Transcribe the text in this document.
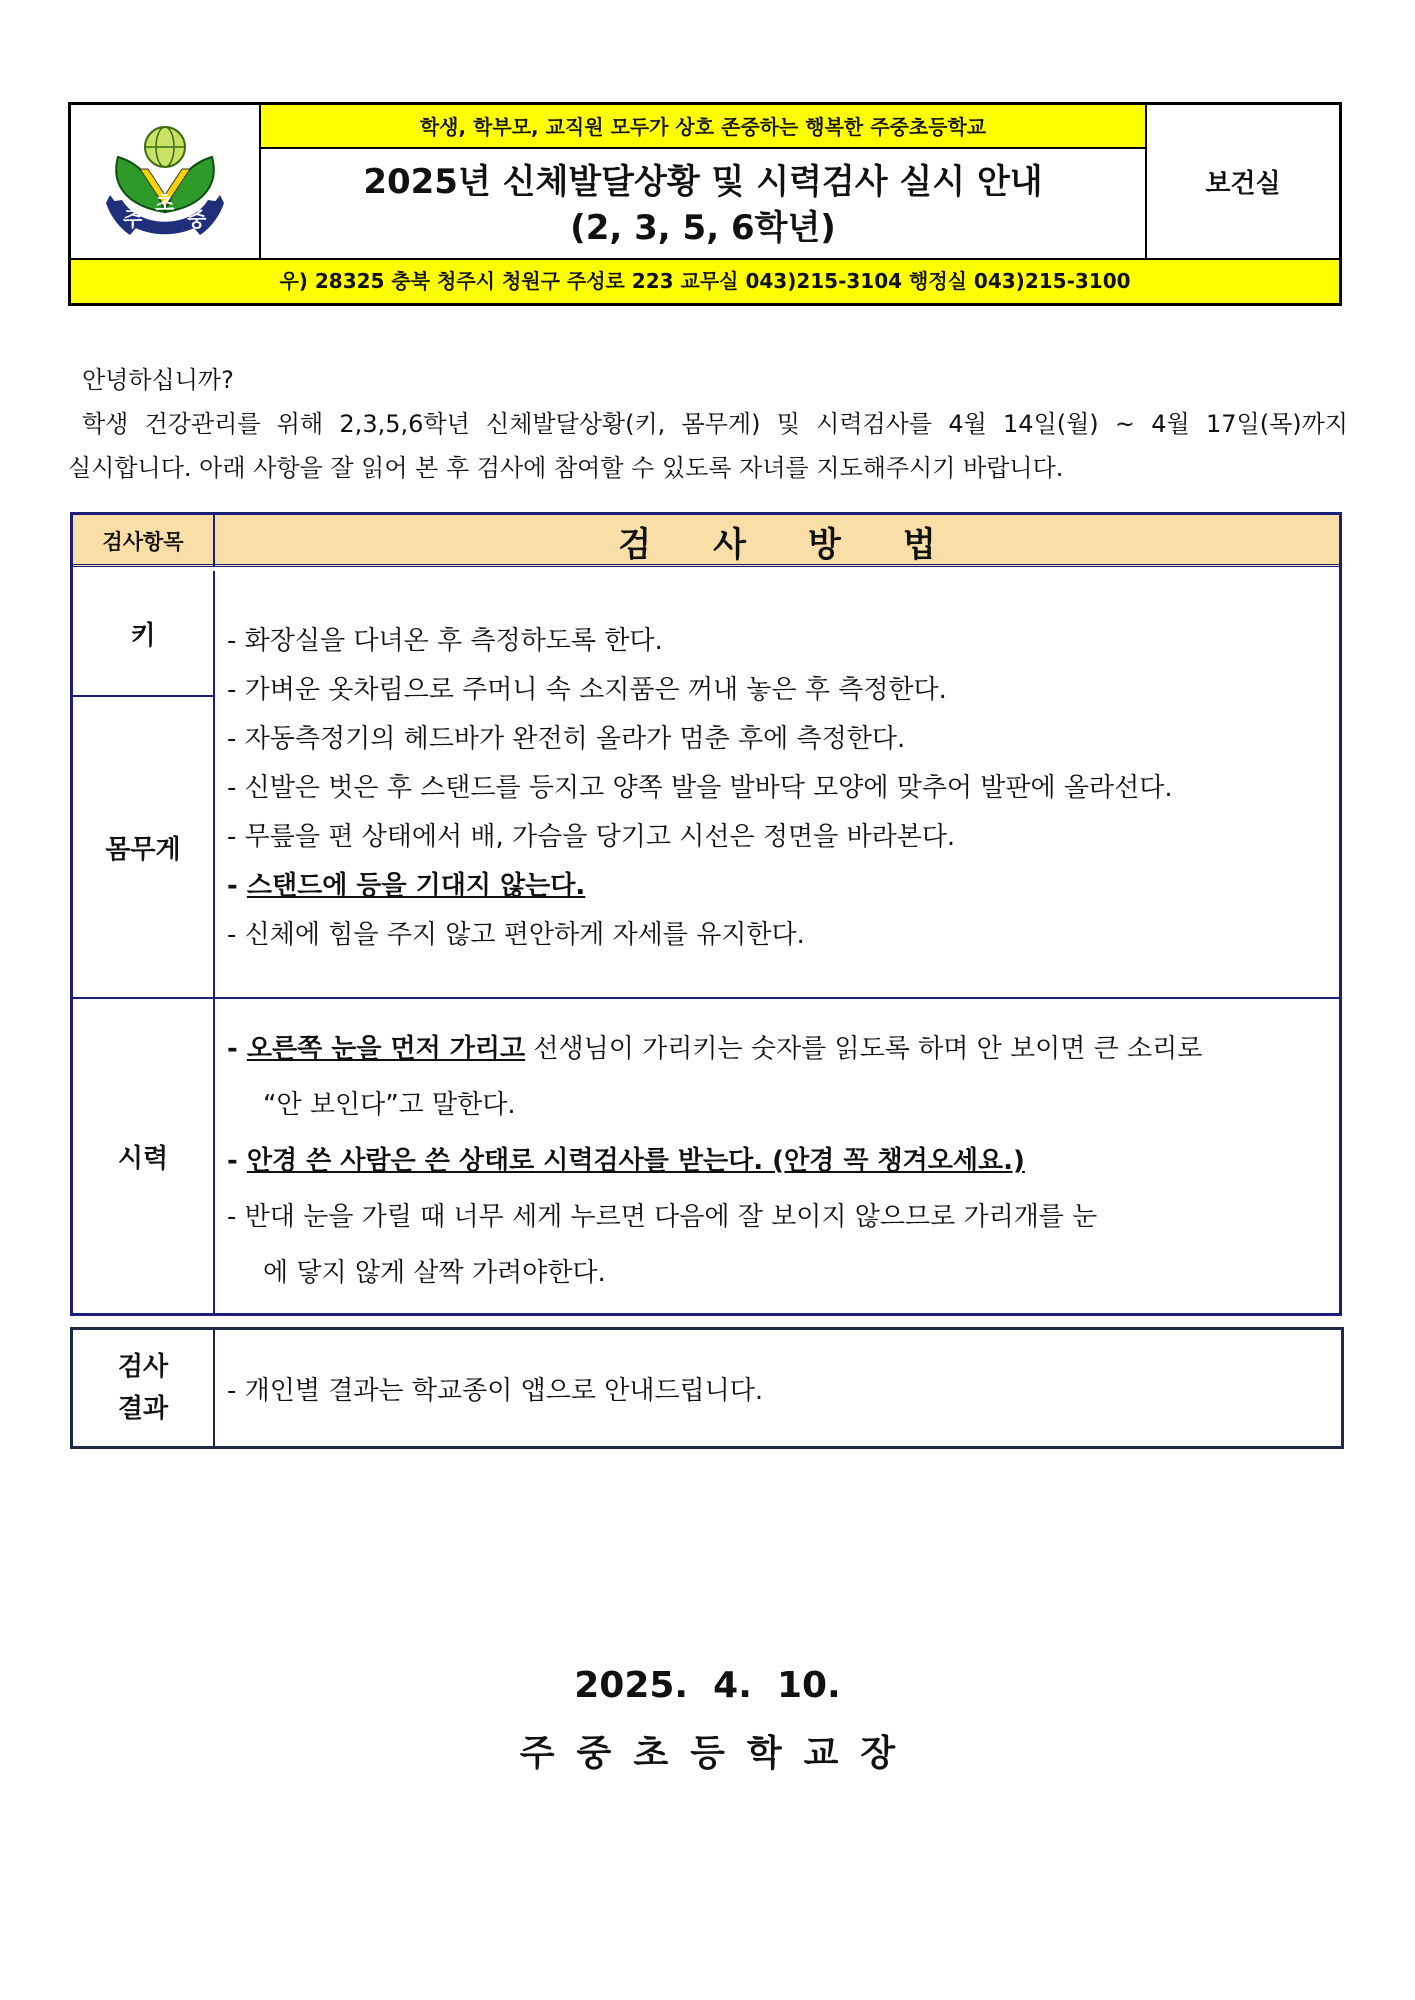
주
초
중
학생, 학부모, 교직원 모두가 상호 존중하는 행복한 주중초등학교
2025년 신체발달상황 및 시력검사 실시 안내
(2, 3, 5, 6학년)
보건실
우) 28325 충북 청주시 청원구 주성로 223 교무실 043)215-3104 행정실 043)215-3100

안녕하십니까?

학생 건강관리를 위해 2,3,5,6학년 신체발달상황(키, 몸무게) 및 시력검사를 4월 14일(월) ~ 4월 17일(목)까지

실시합니다. 아래 사항을 잘 읽어 본 후 검사에 참여할 수 있도록 자녀를 지도해주시기 바랍니다.

검사항목	검사방법
키
몸무게
시력
- 화장실을 다녀온 후 측정하도록 한다.
- 가벼운 옷차림으로 주머니 속 소지품은 꺼내 놓은 후 측정한다.
- 자동측정기의 헤드바가 완전히 올라가 멈춘 후에 측정한다.
- 신발은 벗은 후 스탠드를 등지고 양쪽 발을 발바닥 모양에 맞추어 발판에 올라선다.
- 무릎을 편 상태에서 배, 가슴을 당기고 시선은 정면을 바라본다.
- 스탠드에 등을 기대지 않는다.
- 신체에 힘을 주지 않고 편안하게 자세를 유지한다.
- 오른쪽 눈을 먼저 가리고 선생님이 가리키는 숫자를 읽도록 하며 안 보이면 큰 소리로
“안 보인다”고 말한다.
- 안경 쓴 사람은 쓴 상태로 시력검사를 받는다. (안경 꼭 챙겨오세요.)
- 반대 눈을 가릴 때 너무 세게 누르면 다음에 잘 보이지 않으므로 가리개를 눈
에 닿지 않게 살짝 가려야한다.
검사
결과
- 개인별 결과는 학교종이 앱으로 안내드립니다.
2025.  4.  10.
주중초등학교장
